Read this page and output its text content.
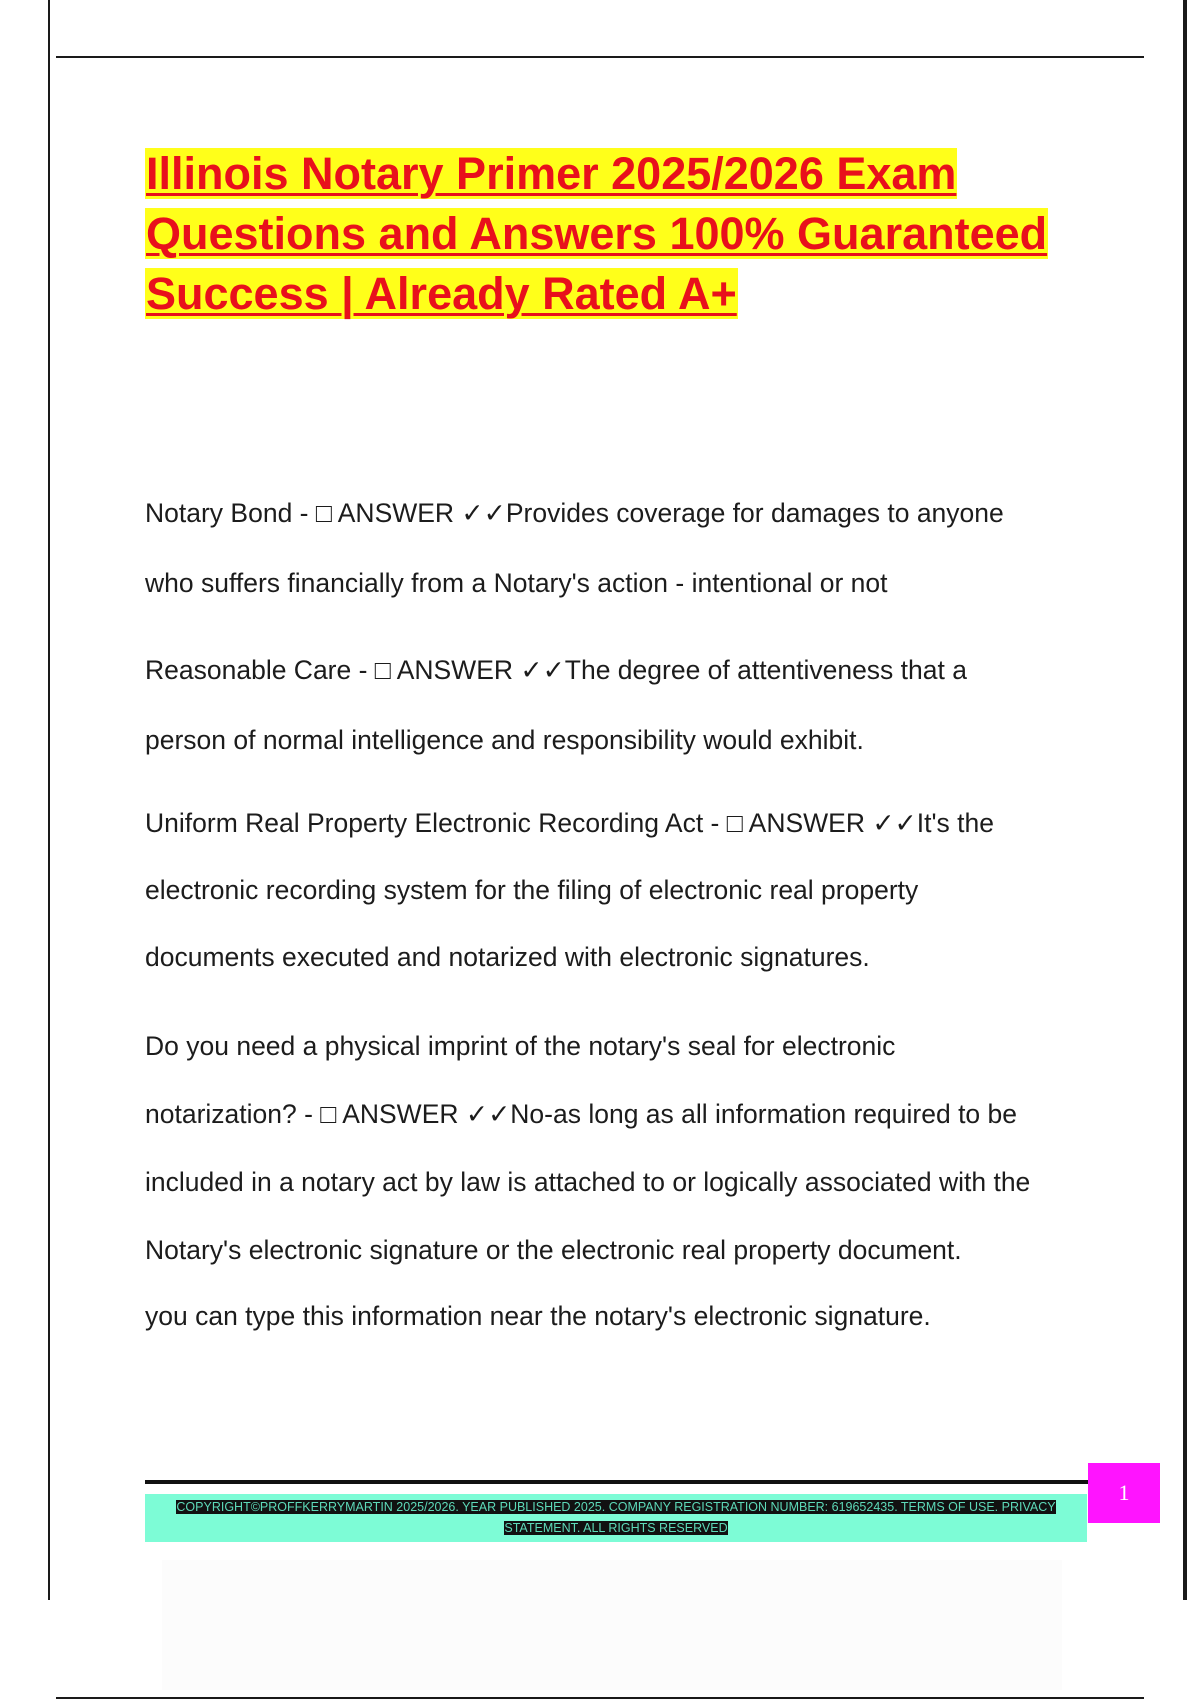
Illinois Notary Primer 2025/2026 Exam Questions and Answers 100% Guaranteed Success | Already Rated A+

Notary Bond - □ ANSWER ✓✓Provides coverage for damages to anyone
who suffers financially from a Notary's action - intentional or not

Reasonable Care - □ ANSWER ✓✓The degree of attentiveness that a
person of normal intelligence and responsibility would exhibit.

Uniform Real Property Electronic Recording Act - □ ANSWER ✓✓It's the
electronic recording system for the filing of electronic real property
documents executed and notarized with electronic signatures.

Do you need a physical imprint of the notary's seal for electronic
notarization? - □ ANSWER ✓✓No-as long as all information required to be
included in a notary act by law is attached to or logically associated with the
Notary's electronic signature or the electronic real property document.

you can type this information near the notary's electronic signature.

1
COPYRIGHT©PROFFKERRYMARTIN 2025/2026. YEAR PUBLISHED 2025. COMPANY REGISTRATION NUMBER: 619652435. TERMS OF USE. PRIVACY STATEMENT. ALL RIGHTS RESERVED
